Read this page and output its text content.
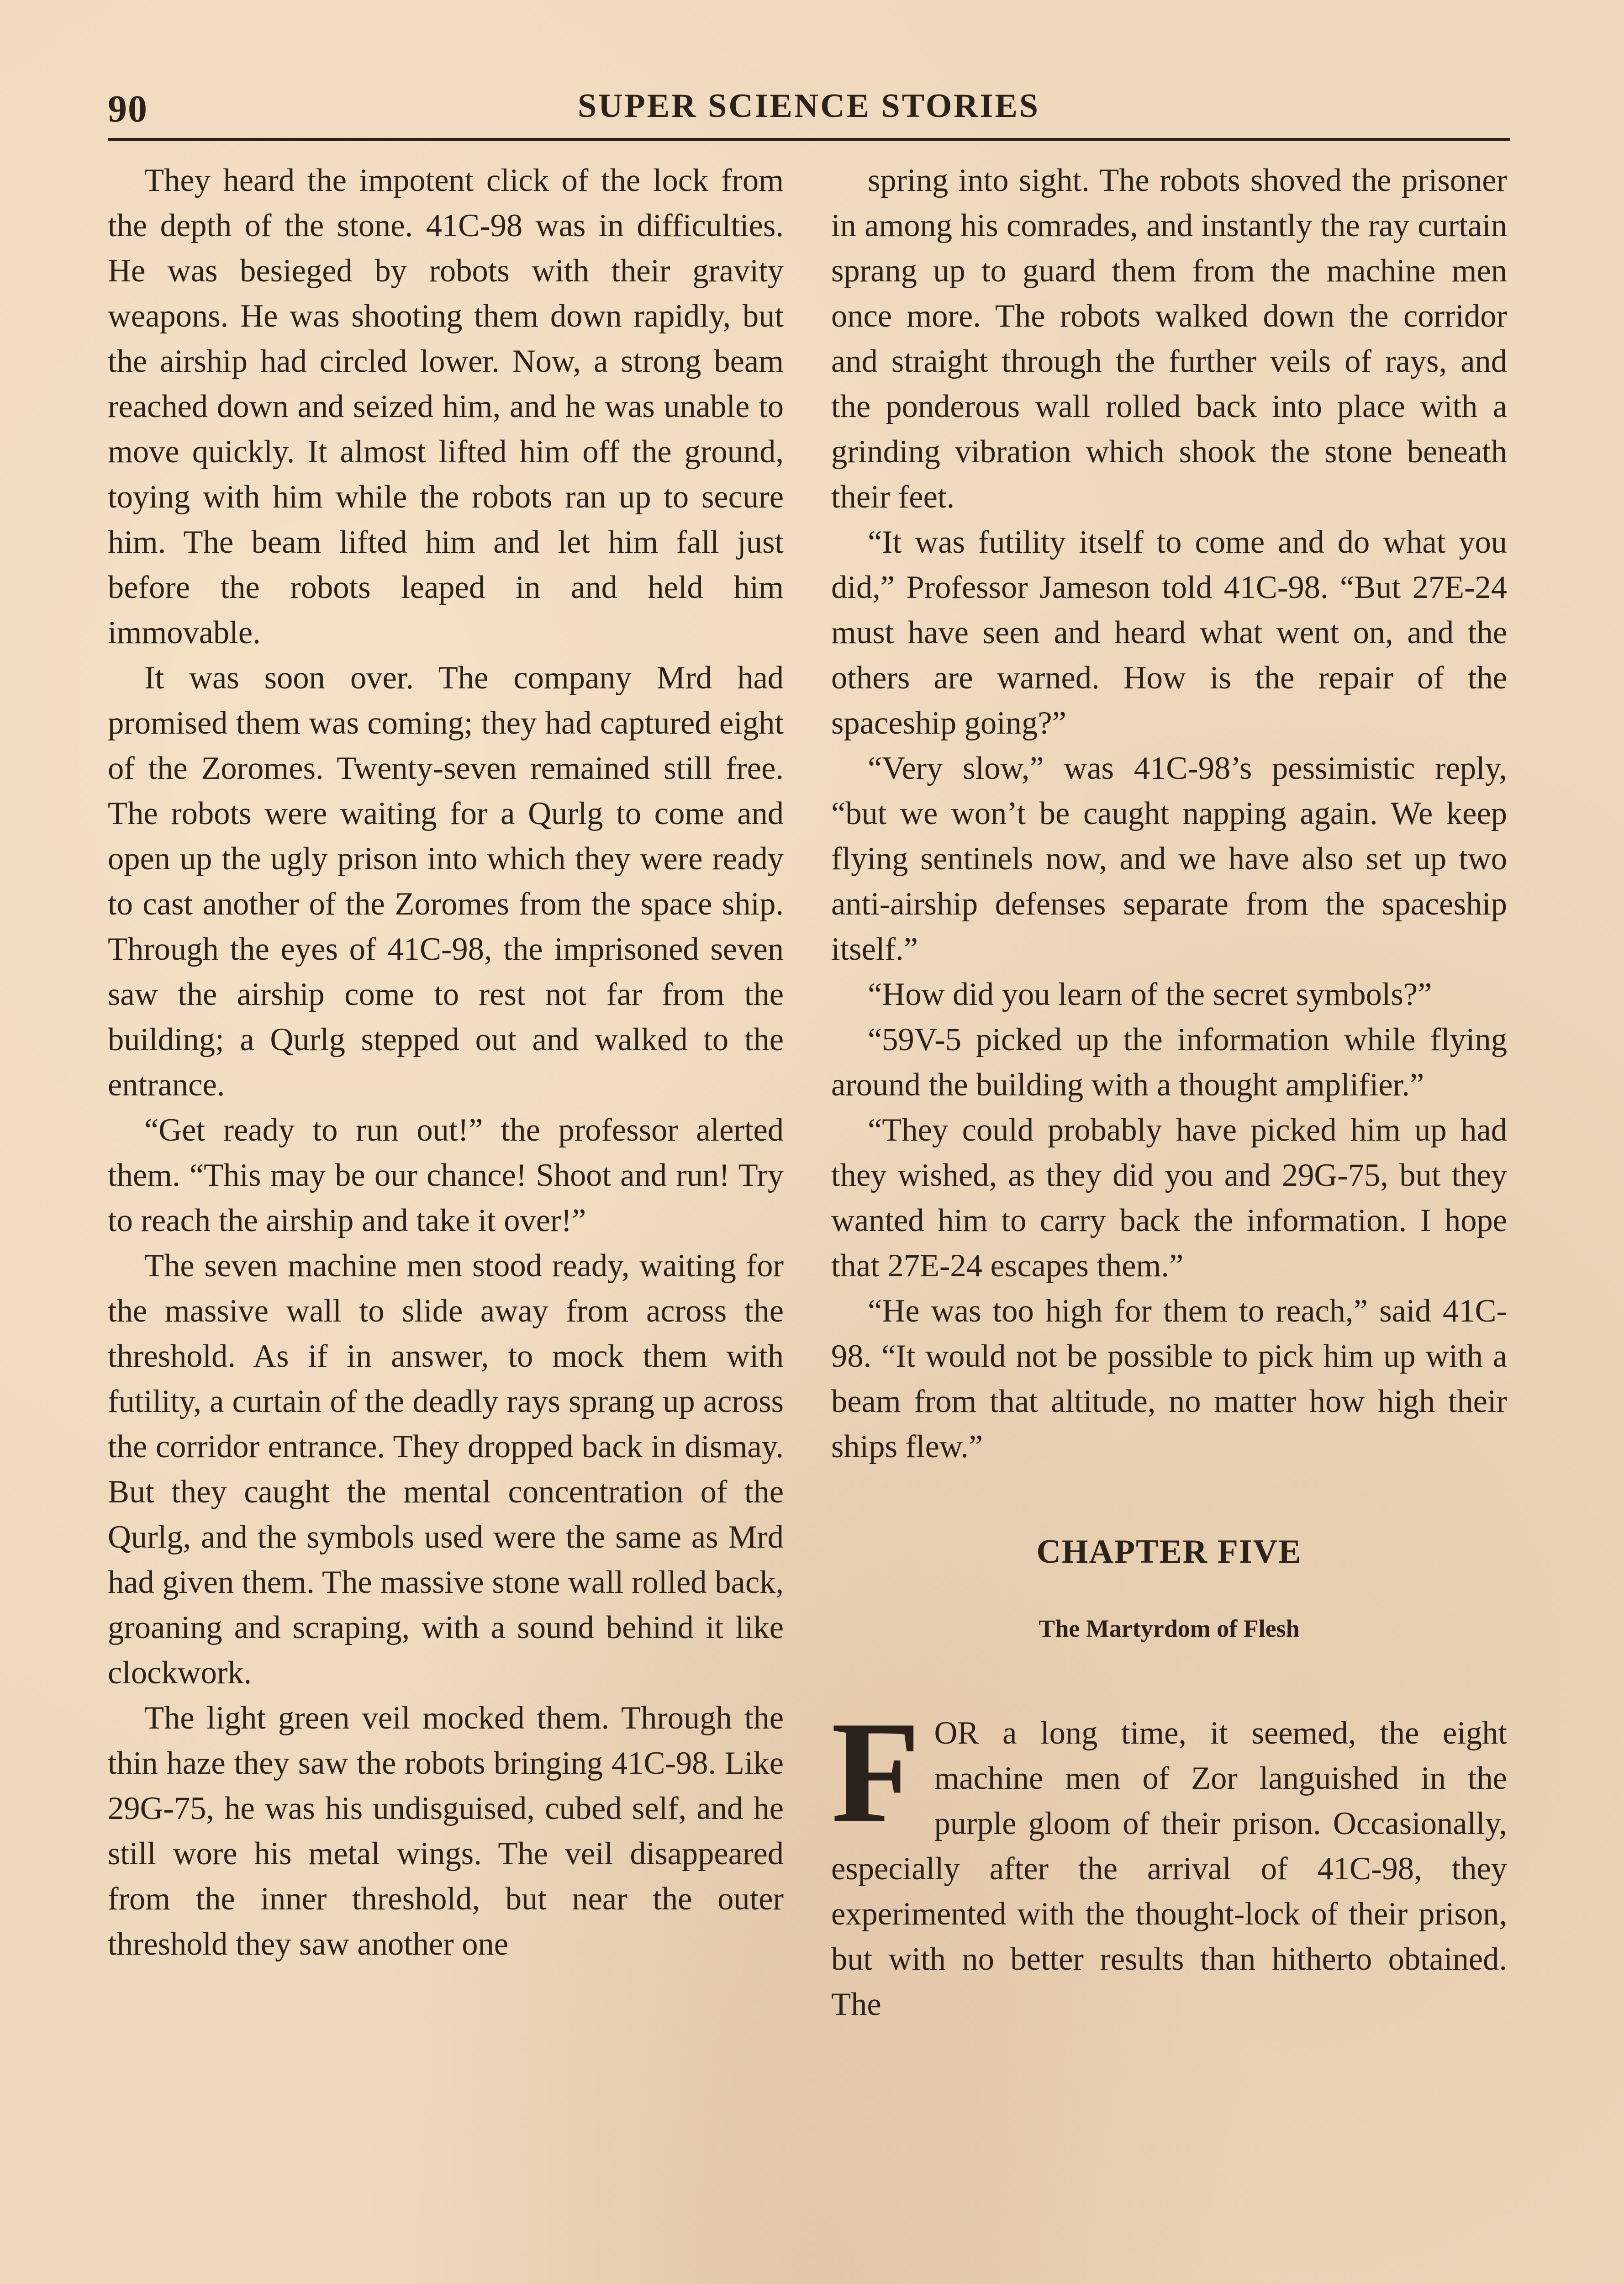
90	SUPER SCIENCE STORIES

They heard the impotent click of the lock from the depth of the stone. 41C-98 was in difficulties. He was besieged by robots with their gravity weapons. He was shooting them down rapidly, but the airship had circled lower. Now, a strong beam reached down and seized him, and he was unable to move quickly. It almost lifted him off the ground, toying with him while the robots ran up to secure him. The beam lifted him and let him fall just before the robots leaped in and held him immovable.

It was soon over. The company Mrd had promised them was coming; they had captured eight of the Zoromes. Twenty-seven remained still free. The robots were waiting for a Qurlg to come and open up the ugly prison into which they were ready to cast another of the Zoromes from the space ship. Through the eyes of 41C-98, the imprisoned seven saw the airship come to rest not far from the building; a Qurlg stepped out and walked to the entrance.

“Get ready to run out!” the professor alerted them. “This may be our chance! Shoot and run! Try to reach the airship and take it over!”

The seven machine men stood ready, waiting for the massive wall to slide away from across the threshold. As if in answer, to mock them with futility, a curtain of the deadly rays sprang up across the corridor entrance. They dropped back in dismay. But they caught the mental concentration of the Qurlg, and the symbols used were the same as Mrd had given them. The massive stone wall rolled back, groaning and scraping, with a sound behind it like clockwork.

The light green veil mocked them. Through the thin haze they saw the robots bringing 41C-98. Like 29G-75, he was his undisguised, cubed self, and he still wore his metal wings. The veil disappeared from the inner threshold, but near the outer threshold they saw another one

spring into sight. The robots shoved the prisoner in among his comrades, and instantly the ray curtain sprang up to guard them from the machine men once more. The robots walked down the corridor and straight through the further veils of rays, and the ponderous wall rolled back into place with a grinding vibration which shook the stone beneath their feet.

“It was futility itself to come and do what you did,” Professor Jameson told 41C-98. “But 27E-24 must have seen and heard what went on, and the others are warned. How is the repair of the spaceship going?”

“Very slow,” was 41C-98’s pessimistic reply, “but we won’t be caught napping again. We keep flying sentinels now, and we have also set up two anti-airship defenses separate from the spaceship itself.”

“How did you learn of the secret symbols?”

“59V-5 picked up the information while flying around the building with a thought amplifier.”

“They could probably have picked him up had they wished, as they did you and 29G-75, but they wanted him to carry back the information. I hope that 27E-24 escapes them.”

“He was too high for them to reach,” said 41C-98. “It would not be possible to pick him up with a beam from that altitude, no matter how high their ships flew.”

CHAPTER FIVE
The Martyrdom of Flesh

FOR a long time, it seemed, the eight machine men of Zor languished in the purple gloom of their prison. Occasionally, especially after the arrival of 41C-98, they experimented with the thought-lock of their prison, but with no better results than hitherto obtained. The
